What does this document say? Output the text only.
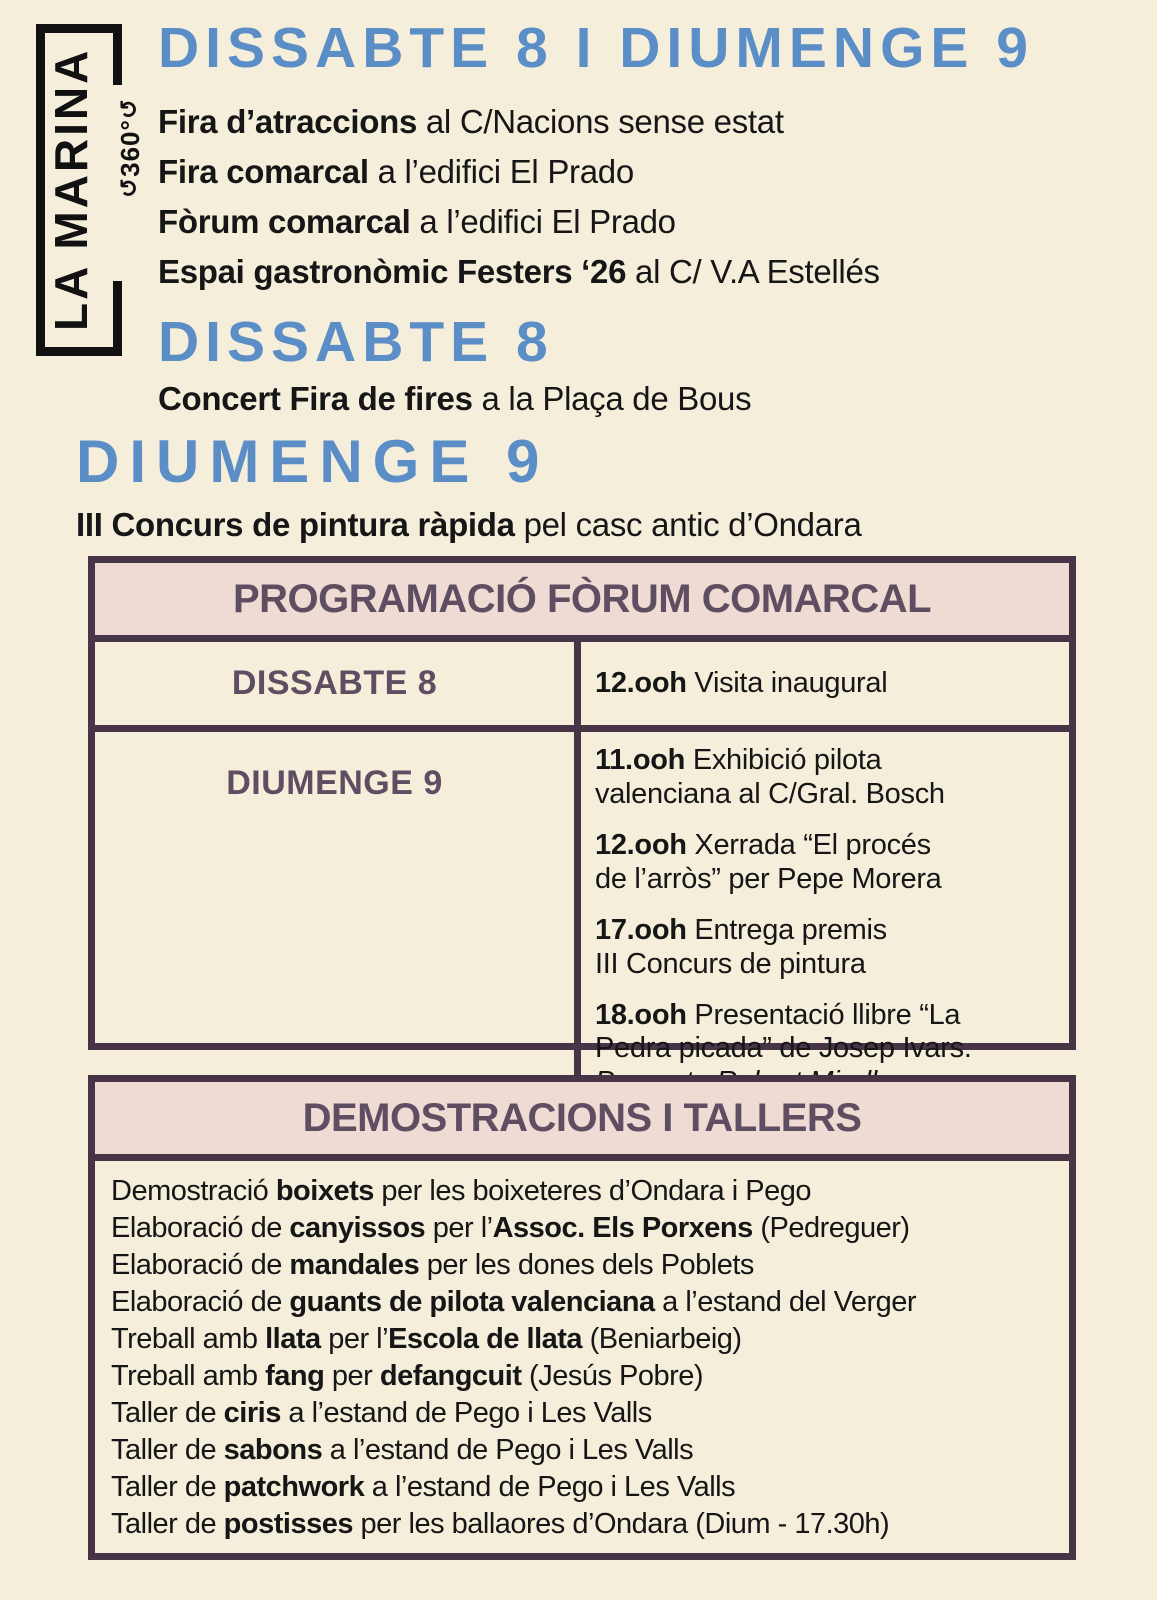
LA MARINA ↺360°↺
DISSABTE 8 I DIUMENGE 9
Fira d’atraccions al C/Nacions sense estat
Fira comarcal a l’edifici El Prado
Fòrum comarcal a l’edifici El Prado
Espai gastronòmic Festers ‘26 al C/ V.A Estellés
DISSABTE 8
Concert Fira de fires a la Plaça de Bous
DIUMENGE 9
III Concurs de pintura ràpida pel casc antic d’Ondara
PROGRAMACIÓ FÒRUM COMARCAL
DISSABTE 8	12.ooh Visita inaugural
DIUMENGE 9
11.ooh Exhibició pilota
valenciana al C/Gral. Bosch
12.ooh Xerrada “El procés
de l’arròs” per Pepe Morera
17.ooh Entrega premis
III Concurs de pintura
18.ooh Presentació llibre “La
Pedra picada” de Josep Ivars.

DEMOSTRACIONS I TALLERS
Demostració boixets per les boixeteres d’Ondara i Pego
Elaboració de canyissos per l’Assoc. Els Porxens (Pedreguer)
Elaboració de mandales per les dones dels Poblets
Elaboració de guants de pilota valenciana a l’estand del Verger
Treball amb llata per l’Escola de llata (Beniarbeig)
Treball amb fang per defangcuit (Jesús Pobre)
Taller de ciris a l’estand de Pego i Les Valls
Taller de sabons a l’estand de Pego i Les Valls
Taller de patchwork a l’estand de Pego i Les Valls
Taller de postisses per les ballaores d’Ondara (Dium - 17.30h)
